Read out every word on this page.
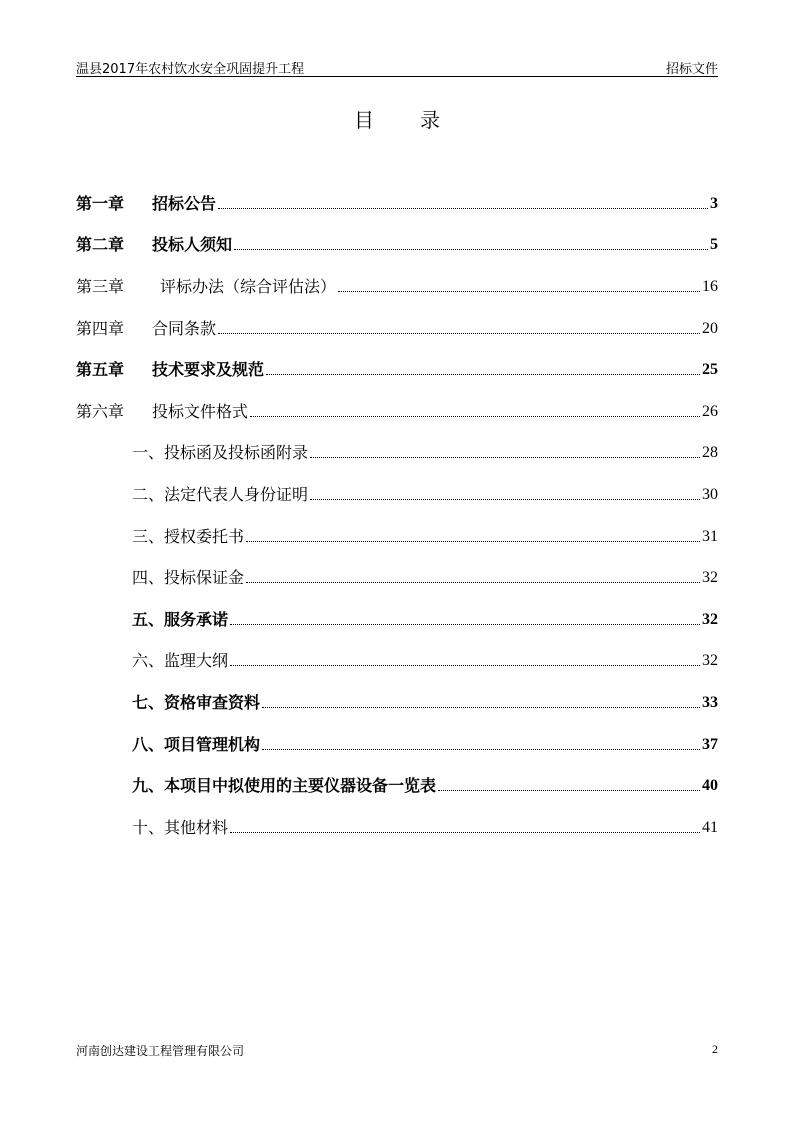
温县2017年农村饮水安全巩固提升工程	招标文件
目 录
第一章 招标公告	3
第二章 投标人须知	5
第三章 评标办法（综合评估法）	16
第四章 合同条款	20
第五章 技术要求及规范	25
第六章 投标文件格式	26
一、投标函及投标函附录	28
二、法定代表人身份证明	30
三、授权委托书	31
四、投标保证金	32
五、服务承诺	32
六、监理大纲	32
七、资格审查资料	33
八、项目管理机构	37
九、本项目中拟使用的主要仪器设备一览表	40
十、其他材料	41
河南创达建设工程管理有限公司	2
